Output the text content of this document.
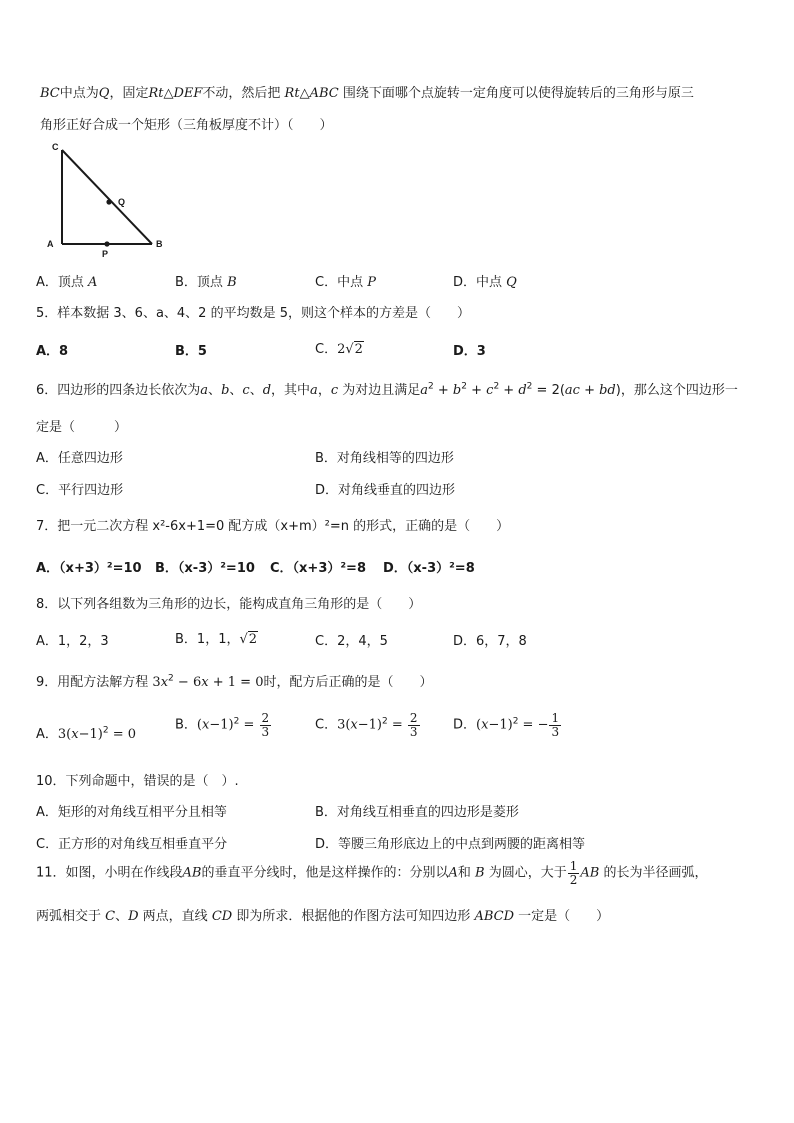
BC中点为Q，固定Rt△DEF不动，然后把 Rt△ABC 围绕下面哪个点旋转一定角度可以使得旋转后的三角形与原三
角形正好合成一个矩形（三角板厚度不计）（　　）
C
Q
A
P
B
A．顶点 A	B．顶点 B	C．中点 P	D．中点 Q
5．样本数据 3、6、a、4、2 的平均数是 5，则这个样本的方差是（　　）
A．8	B．5	C．2√2	D．3
6．四边形的四条边长依次为a、b、c、d，其中a，c 为对边且满足$a^2 + b^2 + c^2 + d^2 = 2(ac + bd)$，那么这个四边形一
定是（　　　）
A．任意四边形	B．对角线相等的四边形
C．平行四边形	D．对角线垂直的四边形
7．把一元二次方程 x²-6x+1=0 配方成（x+m）²=n 的形式，正确的是（　　）
A．（x+3）²=10 B．（x-3）²=10 C．（x+3）²=8 D．（x-3）²=8
8．以下列各组数为三角形的边长，能构成直角三角形的是（　　）
A．1，2，3	B．1，1，√2	C．2，4，5	D．6，7，8
9．用配方法解方程 $3x^2 - 6x + 1 = 0$时，配方后正确的是（　　）
A．$3(x-1)^2 = 0$
B．$(x-1)^2 = \frac{2}{3}$	C．$3(x-1)^2 = \frac{2}{3}$	D．$(x-1)^2$ = − $\frac{1}{3}$
10．下列命题中，错误的是（　）.
A．矩形的对角线互相平分且相等	B．对角线互相垂直的四边形是菱形
C．正方形的对角线互相垂直平分	D．等腰三角形底边上的中点到两腰的距离相等
11．如图，小明在作线段AB的垂直平分线时，他是这样操作的：分别以A和 B 为圆心，大于 $\frac{1}{2}$ AB 的长为半径画弧，
两弧相交于 C、D 两点，直线 CD 即为所求．根据他的作图方法可知四边形 ABCD 一定是（　　）
